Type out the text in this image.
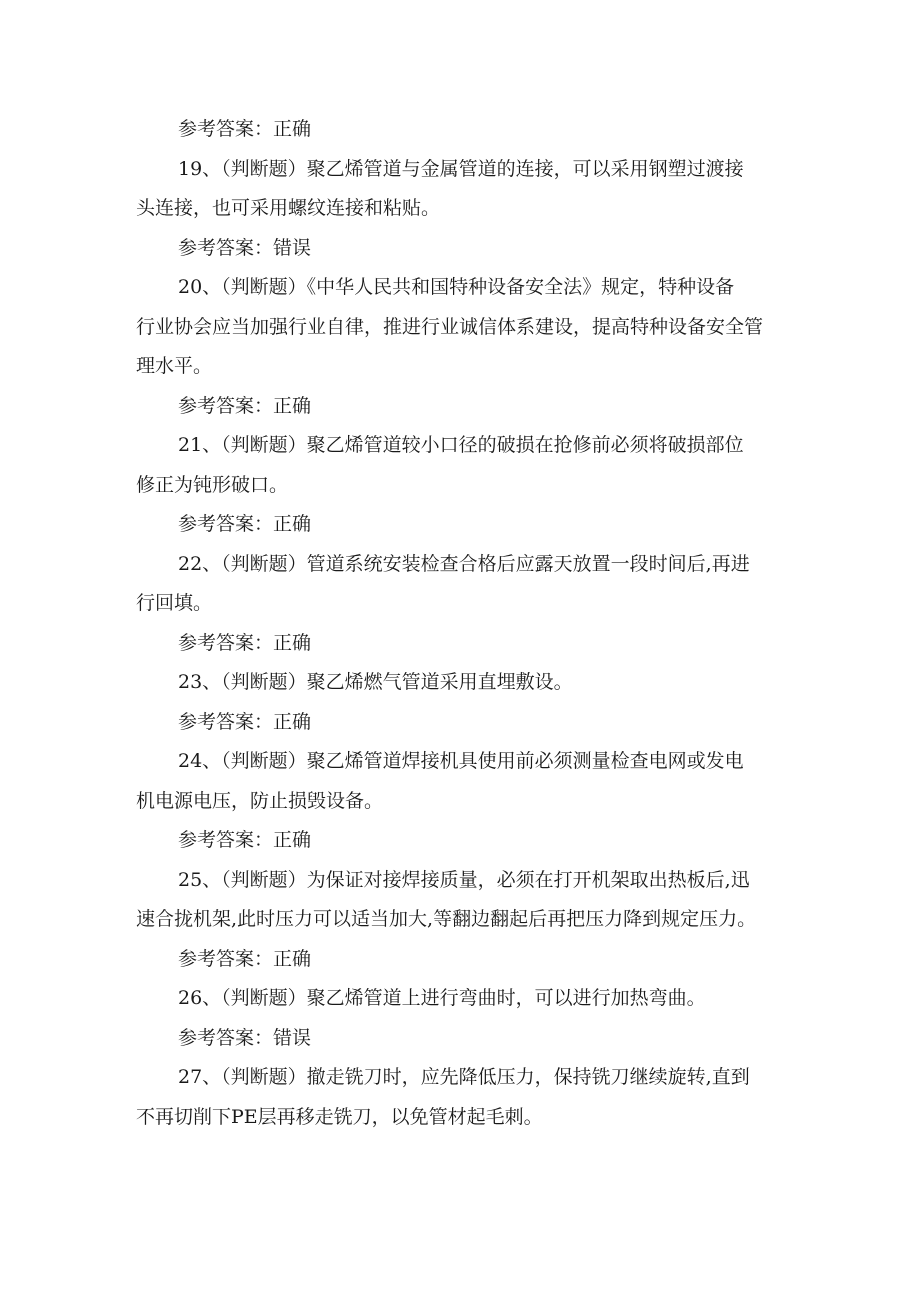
参考答案：正确
19、（判断题）聚乙烯管道与金属管道的连接，可以采用钢塑过渡接
头连接，也可采用螺纹连接和粘贴。
参考答案：错误
20、（判断题）《中华人民共和国特种设备安全法》规定，特种设备
行业协会应当加强行业自律，推进行业诚信体系建设，提高特种设备安全管
理水平。
参考答案：正确
21、（判断题）聚乙烯管道较小口径的破损在抢修前必须将破损部位
修正为钝形破口。
参考答案：正确
22、（判断题）管道系统安装检查合格后应露天放置一段时间后,再进
行回填。
参考答案：正确
23、（判断题）聚乙烯燃气管道采用直埋敷设。
参考答案：正确
24、（判断题）聚乙烯管道焊接机具使用前必须测量检查电网或发电
机电源电压，防止损毁设备。
参考答案：正确
25、（判断题）为保证对接焊接质量，必须在打开机架取出热板后,迅
速合拢机架,此时压力可以适当加大,等翻边翻起后再把压力降到规定压力。
参考答案：正确
26、（判断题）聚乙烯管道上进行弯曲时，可以进行加热弯曲。
参考答案：错误
27、（判断题）撤走铣刀时，应先降低压力，保持铣刀继续旋转,直到
不再切削下PE层再移走铣刀，以免管材起毛刺。
